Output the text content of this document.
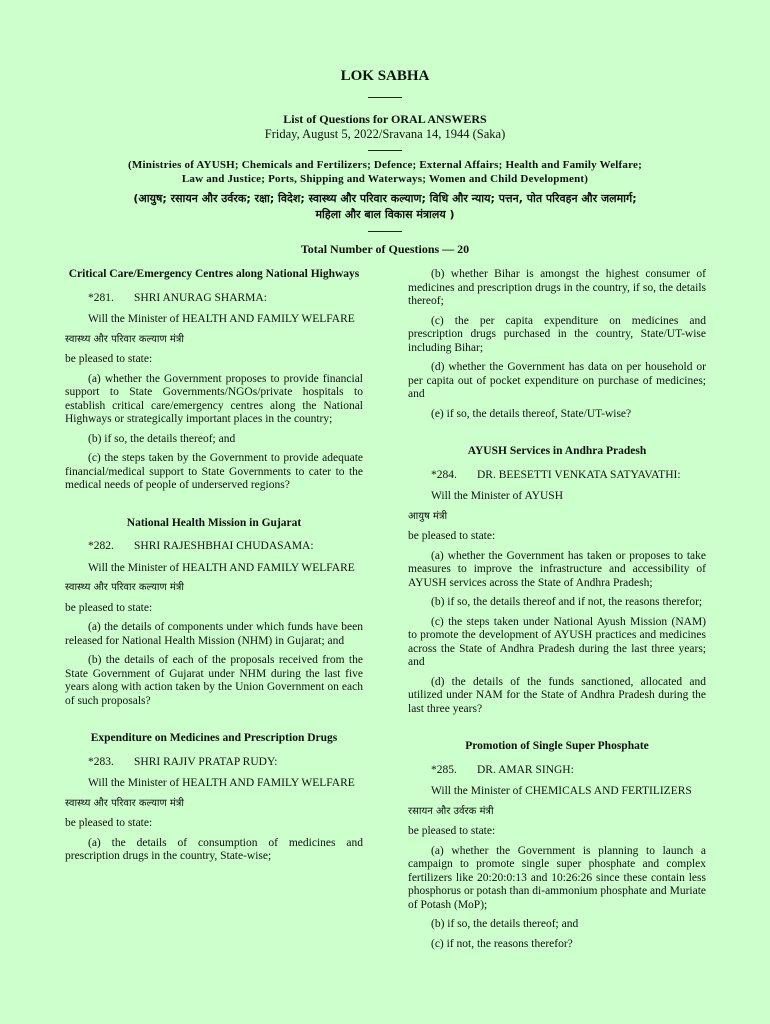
LOK SABHA
List of Questions for ORAL ANSWERS
Friday, August 5, 2022/Sravana 14, 1944 (Saka)
(Ministries of AYUSH; Chemicals and Fertilizers; Defence; External Affairs; Health and Family Welfare;
Law and Justice; Ports, Shipping and Waterways; Women and Child Development)
(आयुष; रसायन और उर्वरक; रक्षा; विदेश; स्वास्थ्य और परिवार कल्याण; विधि और न्याय; पत्तन, पोत परिवहन और जलमार्ग;
महिला और बाल विकास मंत्रालय )
Total Number of Questions — 20
Critical Care/Emergency Centres along National Highways
*281. SHRI ANURAG SHARMA:
Will the Minister of HEALTH AND FAMILY WELFARE
स्वास्थ्य और परिवार कल्याण मंत्री
be pleased to state:
(a) whether the Government proposes to provide financial support to State Governments/NGOs/private hospitals to establish critical care/emergency centres along the National Highways or strategically important places in the country;
(b) if so, the details thereof; and
(c) the steps taken by the Government to provide adequate financial/medical support to State Governments to cater to the medical needs of people of underserved regions?
National Health Mission in Gujarat
*282. SHRI RAJESHBHAI CHUDASAMA:
Will the Minister of HEALTH AND FAMILY WELFARE
स्वास्थ्य और परिवार कल्याण मंत्री
be pleased to state:
(a) the details of components under which funds have been released for National Health Mission (NHM) in Gujarat; and
(b) the details of each of the proposals received from the State Government of Gujarat under NHM during the last five years along with action taken by the Union Government on each of such proposals?
Expenditure on Medicines and Prescription Drugs
*283. SHRI RAJIV PRATAP RUDY:
Will the Minister of HEALTH AND FAMILY WELFARE
स्वास्थ्य और परिवार कल्याण मंत्री
be pleased to state:
(a) the details of consumption of medicines and prescription drugs in the country, State-wise;
(b) whether Bihar is amongst the highest consumer of medicines and prescription drugs in the country, if so, the details thereof;
(c) the per capita expenditure on medicines and prescription drugs purchased in the country, State/UT-wise including Bihar;
(d) whether the Government has data on per household or per capita out of pocket expenditure on purchase of medicines; and
(e) if so, the details thereof, State/UT-wise?
AYUSH Services in Andhra Pradesh
*284. DR. BEESETTI VENKATA SATYAVATHI:
Will the Minister of AYUSH
आयुष मंत्री
be pleased to state:
(a) whether the Government has taken or proposes to take measures to improve the infrastructure and accessibility of AYUSH services across the State of Andhra Pradesh;
(b) if so, the details thereof and if not, the reasons therefor;
(c) the steps taken under National Ayush Mission (NAM) to promote the development of AYUSH practices and medicines across the State of Andhra Pradesh during the last three years; and
(d) the details of the funds sanctioned, allocated and utilized under NAM for the State of Andhra Pradesh during the last three years?
Promotion of Single Super Phosphate
*285. DR. AMAR SINGH:
Will the Minister of CHEMICALS AND FERTILIZERS
रसायन और उर्वरक मंत्री
be pleased to state:
(a) whether the Government is planning to launch a campaign to promote single super phosphate and complex fertilizers like 20:20:0:13 and 10:26:26 since these contain less phosphorus or potash than di-ammonium phosphate and Muriate of Potash (MoP);
(b) if so, the details thereof; and
(c) if not, the reasons therefor?
